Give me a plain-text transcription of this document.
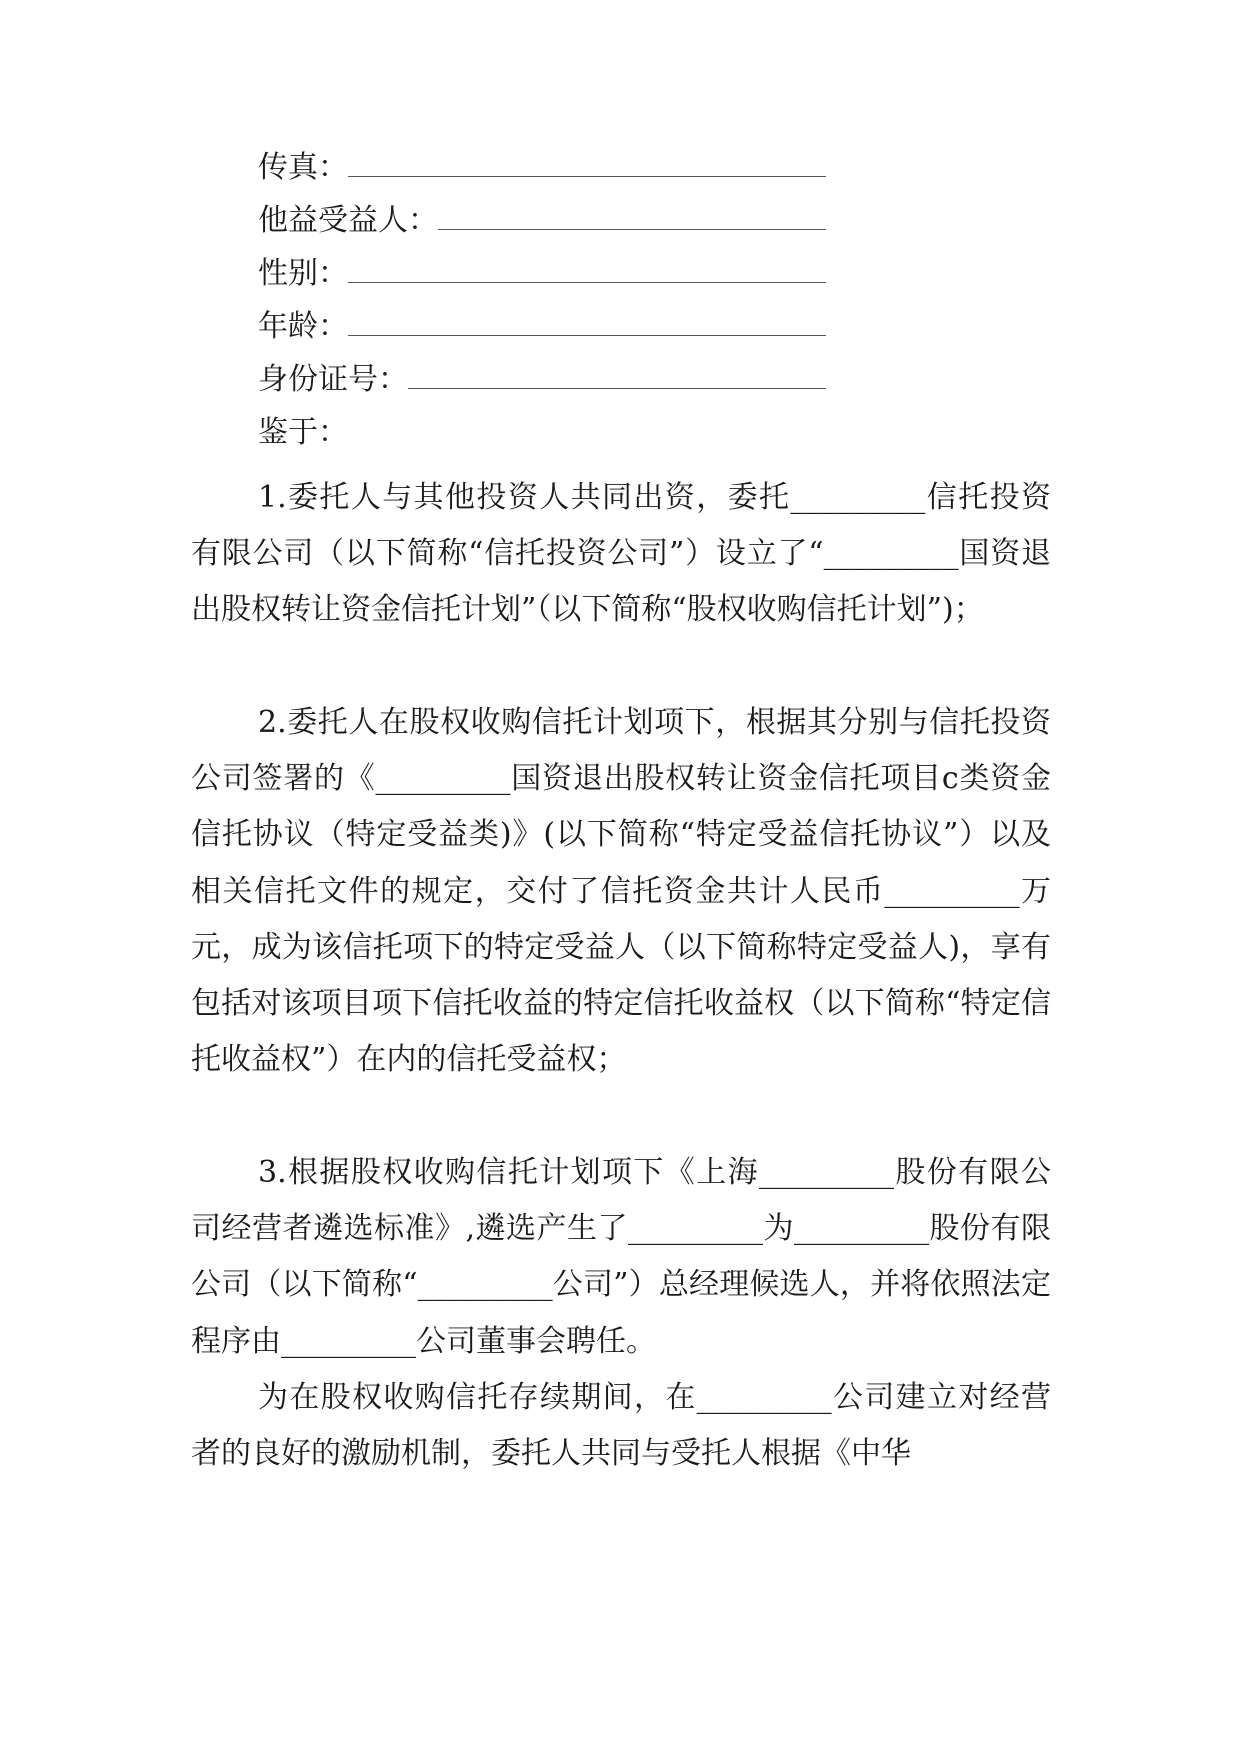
传真：
他益受益人：
性别：
年龄：
身份证号：
鉴于：

1.委托人与其他投资人共同出资，委托_________信托投资有限公司（以下简称“信托投资公司”）设立了“_________国资退出股权转让资金信托计划”（以下简称“股权收购信托计划”)；

2.委托人在股权收购信托计划项下，根据其分别与信托投资公司签署的《_________国资退出股权转让资金信托项目c类资金信托协议（特定受益类)》(以下简称“特定受益信托协议”）以及相关信托文件的规定，交付了信托资金共计人民币_________万元，成为该信托项下的特定受益人（以下简称特定受益人)，享有包括对该项目项下信托收益的特定信托收益权（以下简称“特定信托收益权”）在内的信托受益权；

3.根据股权收购信托计划项下《上海_________股份有限公司经营者遴选标准》,遴选产生了_________为_________股份有限公司（以下简称“_________公司”）总经理候选人，并将依照法定程序由_________公司董事会聘任。

为在股权收购信托存续期间，在_________公司建立对经营者的良好的激励机制，委托人共同与受托人根据《中华
